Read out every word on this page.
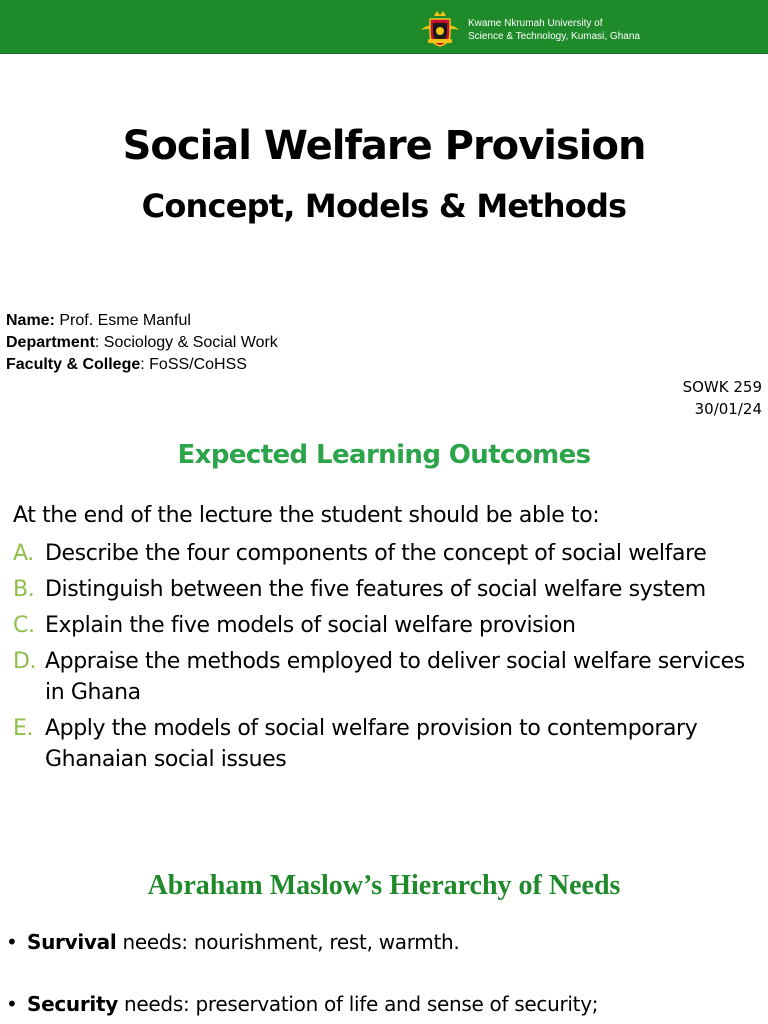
Kwame Nkrumah University of
Science & Technology, Kumasi, Ghana
Social Welfare Provision
Concept, Models & Methods
Name: Prof. Esme Manful
Department: Sociology & Social Work
Faculty & College: FoSS/CoHSS
SOWK 259
30/01/24
Expected Learning Outcomes
At the end of the lecture the student should be able to:
A. Describe the four components of the concept of social welfare
B. Distinguish between the five features of social welfare system
C. Explain the five models of social welfare provision
D. Appraise the methods employed to deliver social welfare services in Ghana
E. Apply the models of social welfare provision to contemporary Ghanaian social issues
Abraham Maslow’s Hierarchy of Needs
• Survival needs: nourishment, rest, warmth.
• Security needs: preservation of life and sense of security;
